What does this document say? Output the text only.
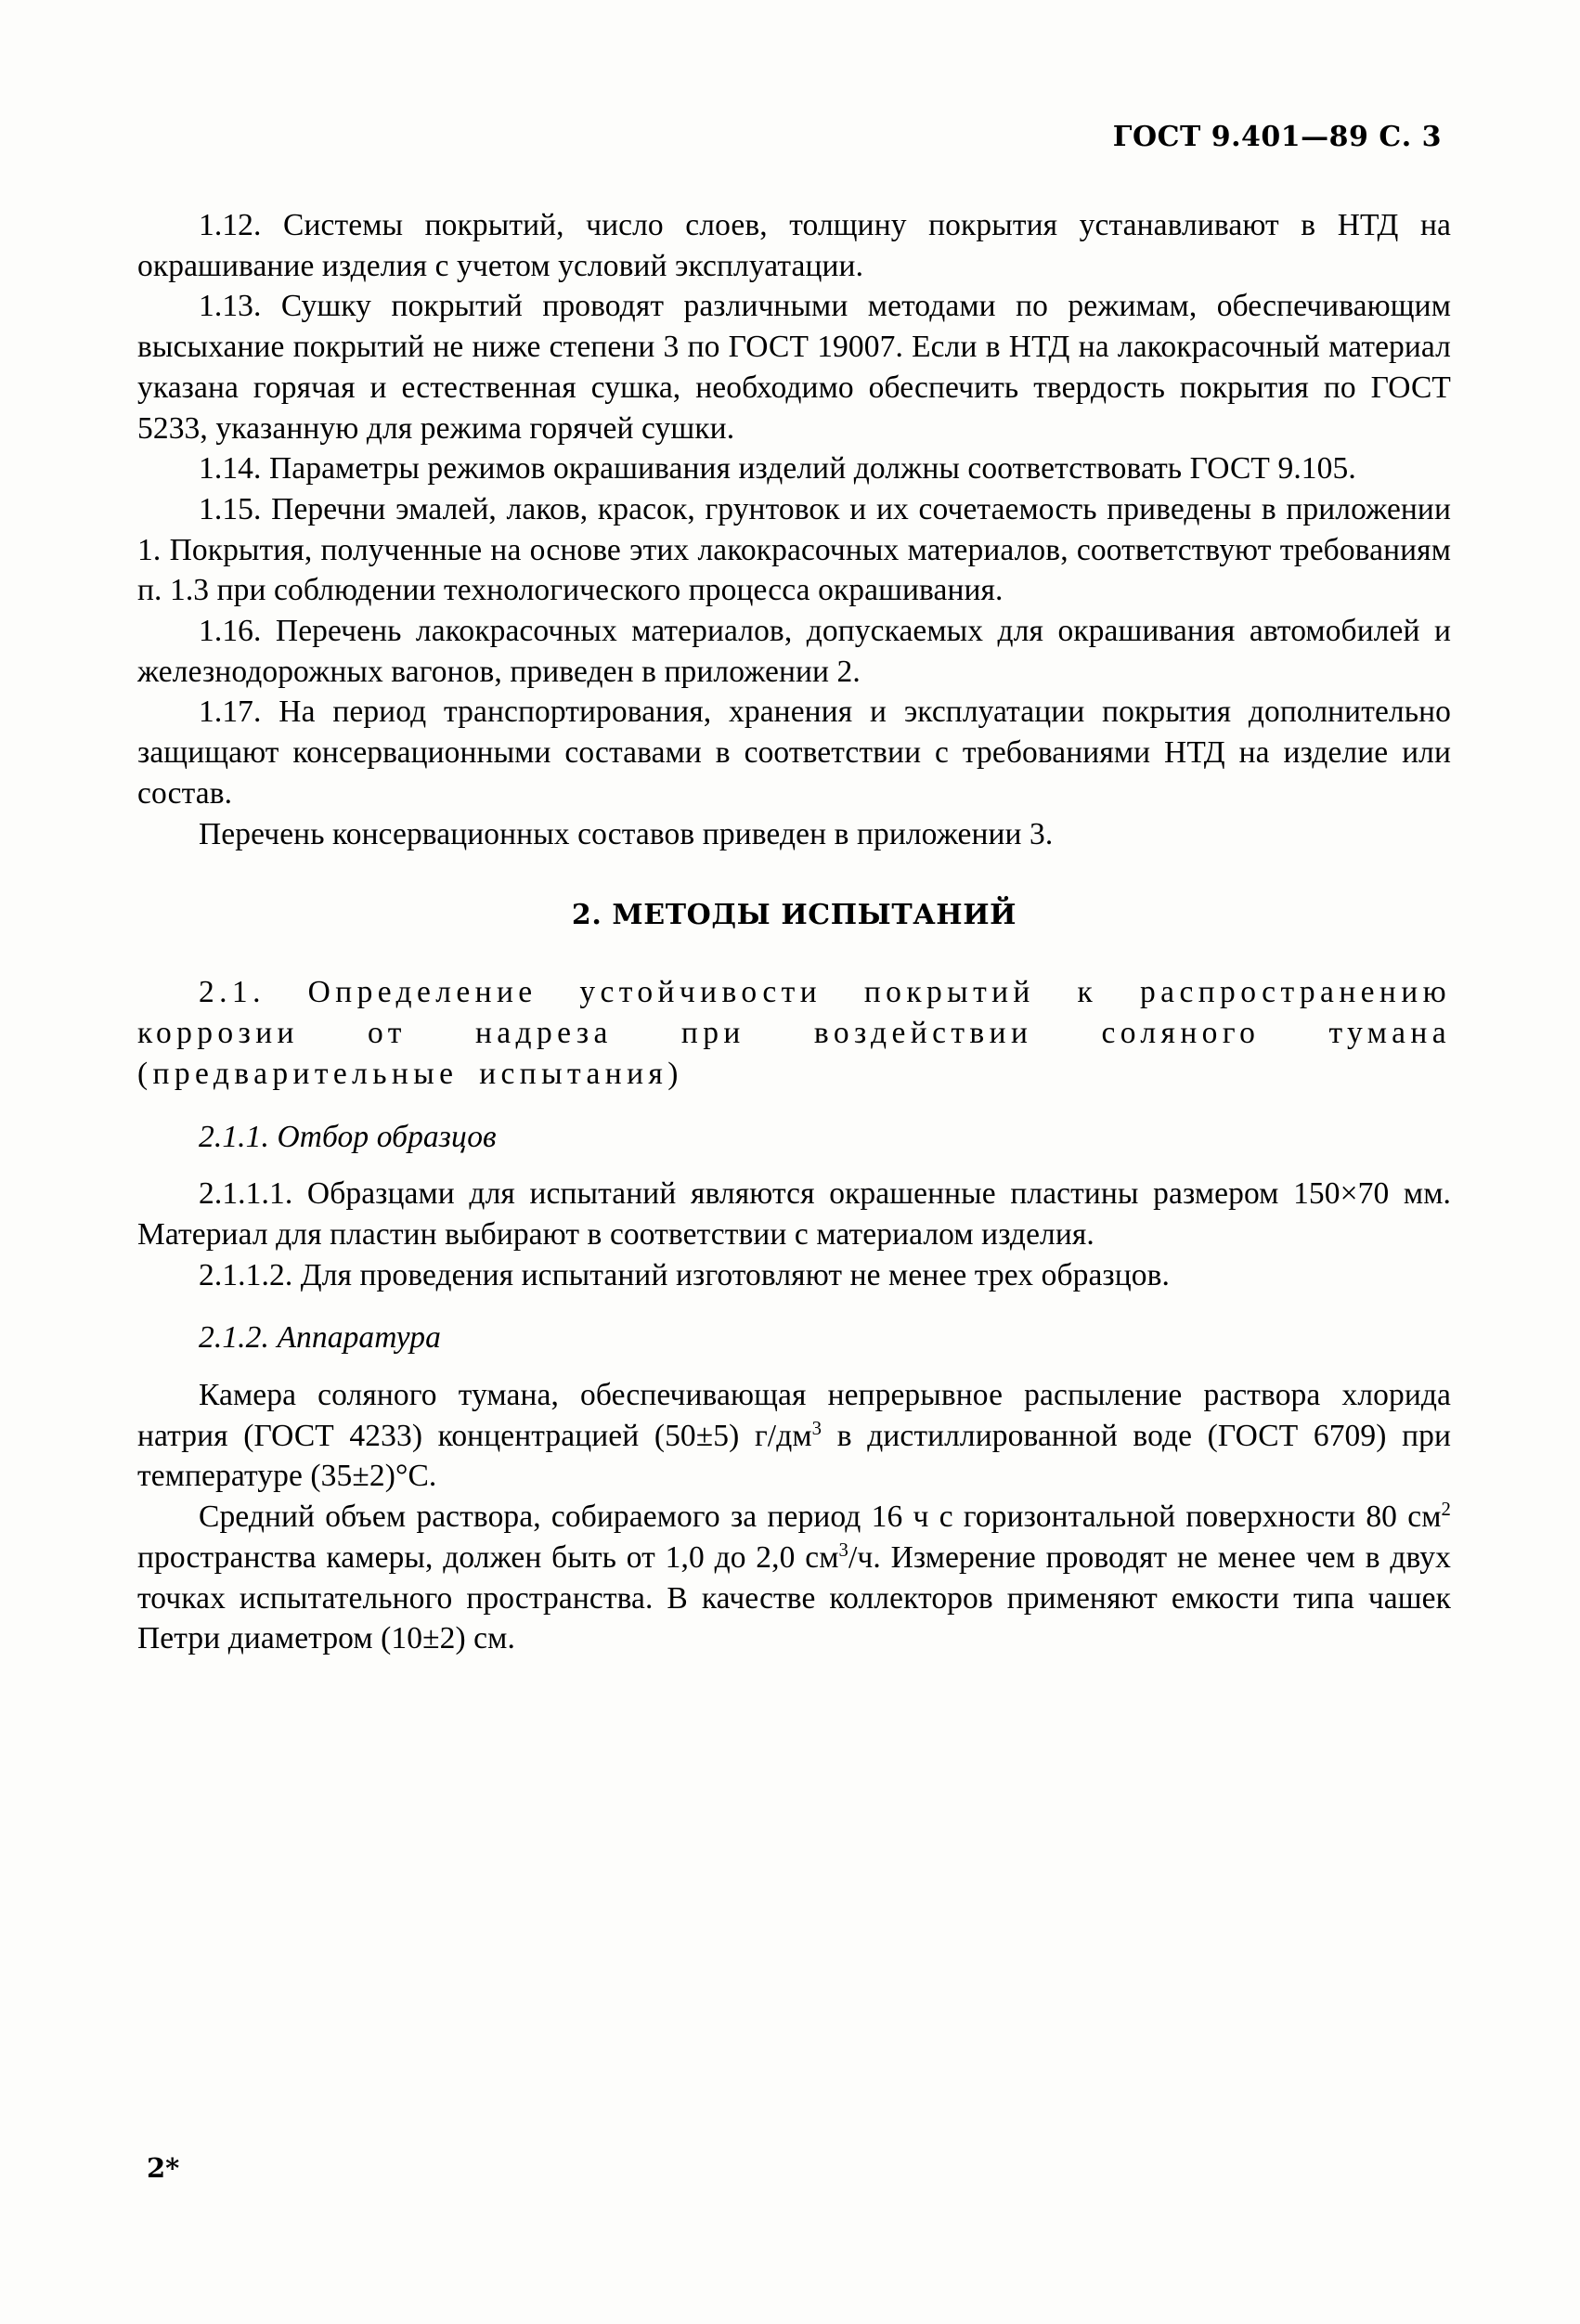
ГОСТ 9.401—89 С. 3

1.12. Системы покрытий, число слоев, толщину покрытия устанавливают в НТД на окрашивание изделия с учетом условий эксплуатации.

1.13. Сушку покрытий проводят различными методами по режимам, обеспечивающим высыхание покрытий не ниже степени 3 по ГОСТ 19007. Если в НТД на лакокрасочный материал указана горячая и естественная сушка, необходимо обеспечить твердость покрытия по ГОСТ 5233, указанную для режима горячей сушки.

1.14. Параметры режимов окрашивания изделий должны соответствовать ГОСТ 9.105.

1.15. Перечни эмалей, лаков, красок, грунтовок и их сочетаемость приведены в приложении 1. Покрытия, полученные на основе этих лакокрасочных материалов, соответствуют требованиям п. 1.3 при соблюдении технологического процесса окрашивания.

1.16. Перечень лакокрасочных материалов, допускаемых для окрашивания автомобилей и железнодорожных вагонов, приведен в приложении 2.

1.17. На период транспортирования, хранения и эксплуатации покрытия дополнительно защищают консервационными составами в соответствии с требованиями НТД на изделие или состав.

Перечень консервационных составов приведен в приложении 3.

2. МЕТОДЫ ИСПЫТАНИЙ

2.1. Определение устойчивости покрытий к распространению коррозии от надреза при воздействии соляного тумана (предварительные испытания)

2.1.1. Отбор образцов

2.1.1.1. Образцами для испытаний являются окрашенные пластины размером 150×70 мм. Материал для пластин выбирают в соответствии с материалом изделия.

2.1.1.2. Для проведения испытаний изготовляют не менее трех образцов.

2.1.2. Аппаратура

Камера соляного тумана, обеспечивающая непрерывное распыление раствора хлорида натрия (ГОСТ 4233) концентрацией (50±5) $г/дм^3$ в дистиллированной воде (ГОСТ 6709) при температуре (35±2)°С.

Средний объем раствора, собираемого за период 16 ч с горизонтальной поверхности 80 $см^2$ пространства камеры, должен быть от 1,0 до 2,0 $см^3/ч$. Измерение проводят не менее чем в двух точках испытательного пространства. В качестве коллекторов применяют емкости типа чашек Петри диаметром (10±2) см.

2*
